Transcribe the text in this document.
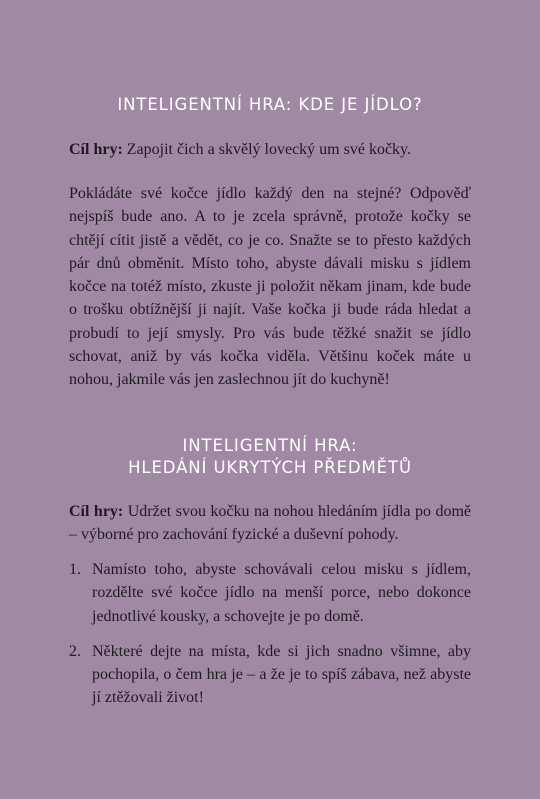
INTELIGENTNÍ HRA: KDE JE JÍDLO?

Cíl hry: Zapojit čich a skvělý lovecký um své kočky.

Pokládáte své kočce jídlo každý den na stejné? Odpověď nejspíš bude ano. A to je zcela správně, protože kočky se chtějí cítit jistě a vědět, co je co. Snažte se to přesto každých pár dnů obměnit. Místo toho, abyste dávali misku s jídlem kočce na totéž místo, zkuste ji položit někam jinam, kde bude o trošku obtížnější ji najít. Vaše kočka ji bude ráda hledat a probudí to její smysly. Pro vás bude těžké snažit se jídlo schovat, aniž by vás kočka viděla. Většinu koček máte u nohou, jakmile vás jen zaslechnou jít do kuchyně!

INTELIGENTNÍ HRA:
HLEDÁNÍ UKRYTÝCH PŘEDMĚTŮ

Cíl hry: Udržet svou kočku na nohou hledáním jídla po domě – výborné pro zachování fyzické a duševní pohody.

1. Namísto toho, abyste schovávali celou misku s jídlem, rozdělte své kočce jídlo na menší porce, nebo dokonce jednotlivé kousky, a schovejte je po domě.
2. Některé dejte na místa, kde si jich snadno všimne, aby pochopila, o čem hra je – a že je to spíš zábava, než abyste jí ztěžovali život!
